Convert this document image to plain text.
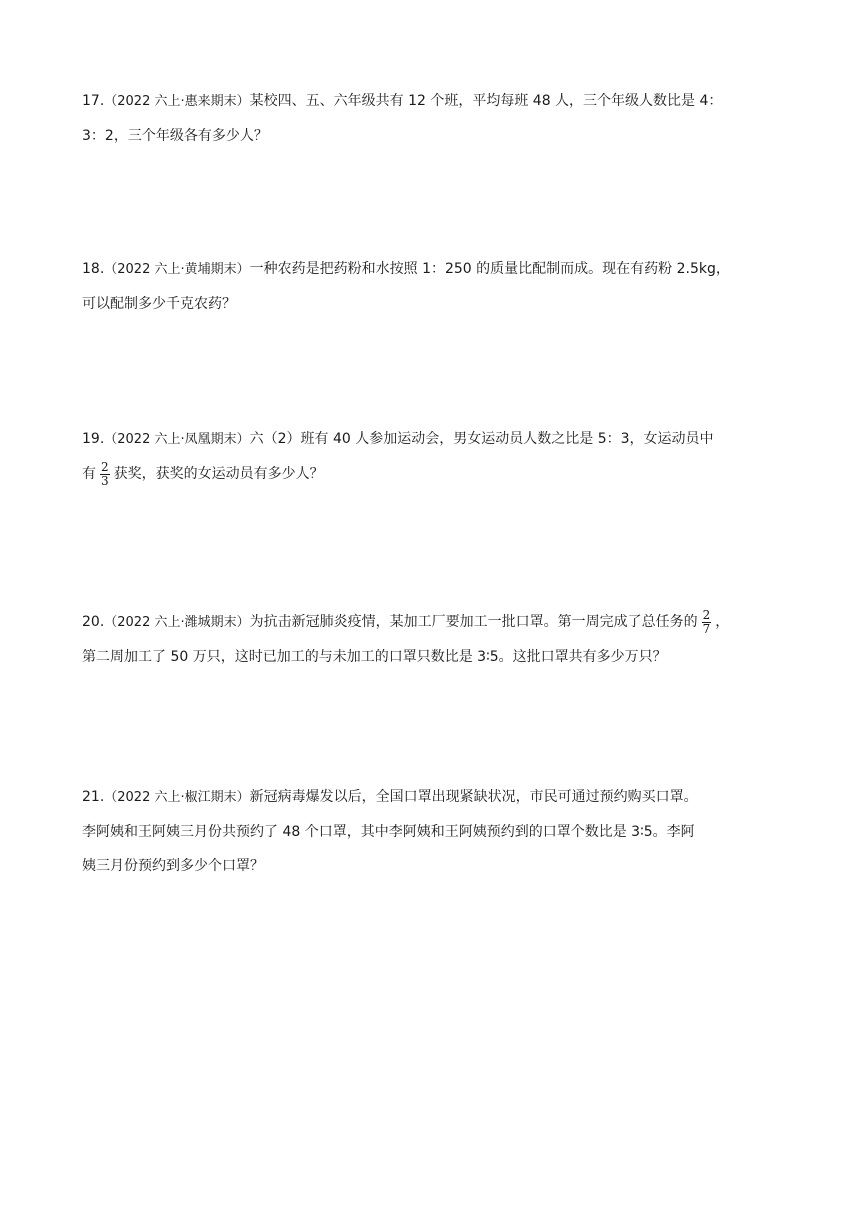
17.（2022 六上·惠来期末）某校四、五、六年级共有 12 个班，平均每班 48 人，三个年级人数比是 4：
3：2，三个年级各有多少人？
18.（2022 六上·黄埔期末）一种农药是把药粉和水按照 1：250 的质量比配制而成。现在有药粉 2.5kg，
可以配制多少千克农药？
19.（2022 六上·凤凰期末）六（2）班有 40 人参加运动会，男女运动员人数之比是 5：3，女运动员中
有 $\frac{2}{3}$ 获奖，获奖的女运动员有多少人？
20.（2022 六上·潍城期末）为抗击新冠肺炎疫情，某加工厂要加工一批口罩。第一周完成了总任务的 $\frac{2}{7}$ ，
第二周加工了 50 万只，这时已加工的与未加工的口罩只数比是 3∶5。这批口罩共有多少万只？
21.（2022 六上·椒江期末）新冠病毒爆发以后，全国口罩出现紧缺状况，市民可通过预约购买口罩。
李阿姨和王阿姨三月份共预约了 48 个口罩，其中李阿姨和王阿姨预约到的口罩个数比是 3∶5。李阿
姨三月份预约到多少个口罩？
